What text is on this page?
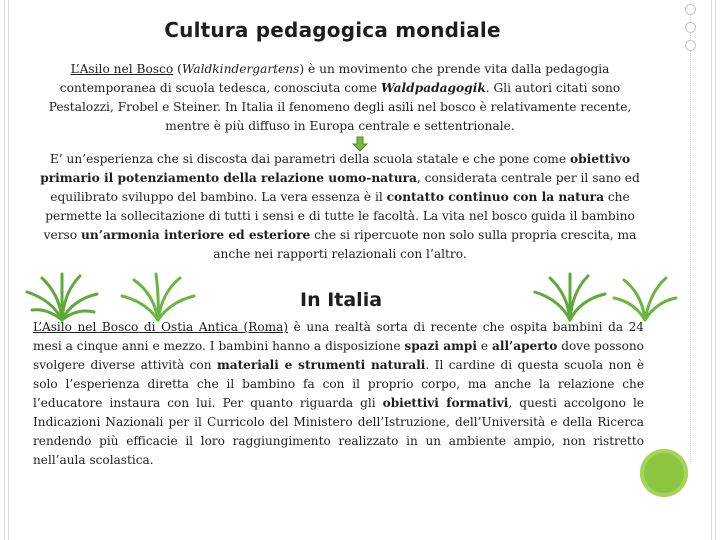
Cultura pedagogica mondiale
L’Asilo nel Bosco (Waldkindergartens) è un movimento che prende vita dalla pedagogia contemporanea di scuola tedesca, conosciuta come Waldpadagogik. Gli autori citati sono Pestalozzi, Frobel e Steiner. In Italia il fenomeno degli asili nel bosco è relativamente recente, mentre è più diffuso in Europa centrale e settentrionale.
E’ un’esperienza che si discosta dai parametri della scuola statale e che pone come obiettivo primario il potenziamento della relazione uomo-natura, considerata centrale per il sano ed equilibrato sviluppo del bambino. La vera essenza è il contatto continuo con la natura che permette la sollecitazione di tutti i sensi e di tutte le facoltà. La vita nel bosco guida il bambino verso un’armonia interiore ed esteriore che si ripercuote non solo sulla propria crescita, ma anche nei rapporti relazionali con l’altro.
In Italia
L’Asilo nel Bosco di Ostia Antica (Roma) è una realtà sorta di recente che ospita bambini da 24 mesi a cinque anni e mezzo. I bambini hanno a disposizione spazi ampi e all’aperto dove possono svolgere diverse attività con materiali e strumenti naturali. Il cardine di questa scuola non è solo l’esperienza diretta che il bambino fa con il proprio corpo, ma anche la relazione che l’educatore instaura con lui. Per quanto riguarda gli obiettivi formativi, questi accolgono le Indicazioni Nazionali per il Curricolo del Ministero dell’Istruzione, dell’Università e della Ricerca rendendo più efficacie il loro raggiungimento realizzato in un ambiente ampio, non ristretto nell’aula scolastica.
